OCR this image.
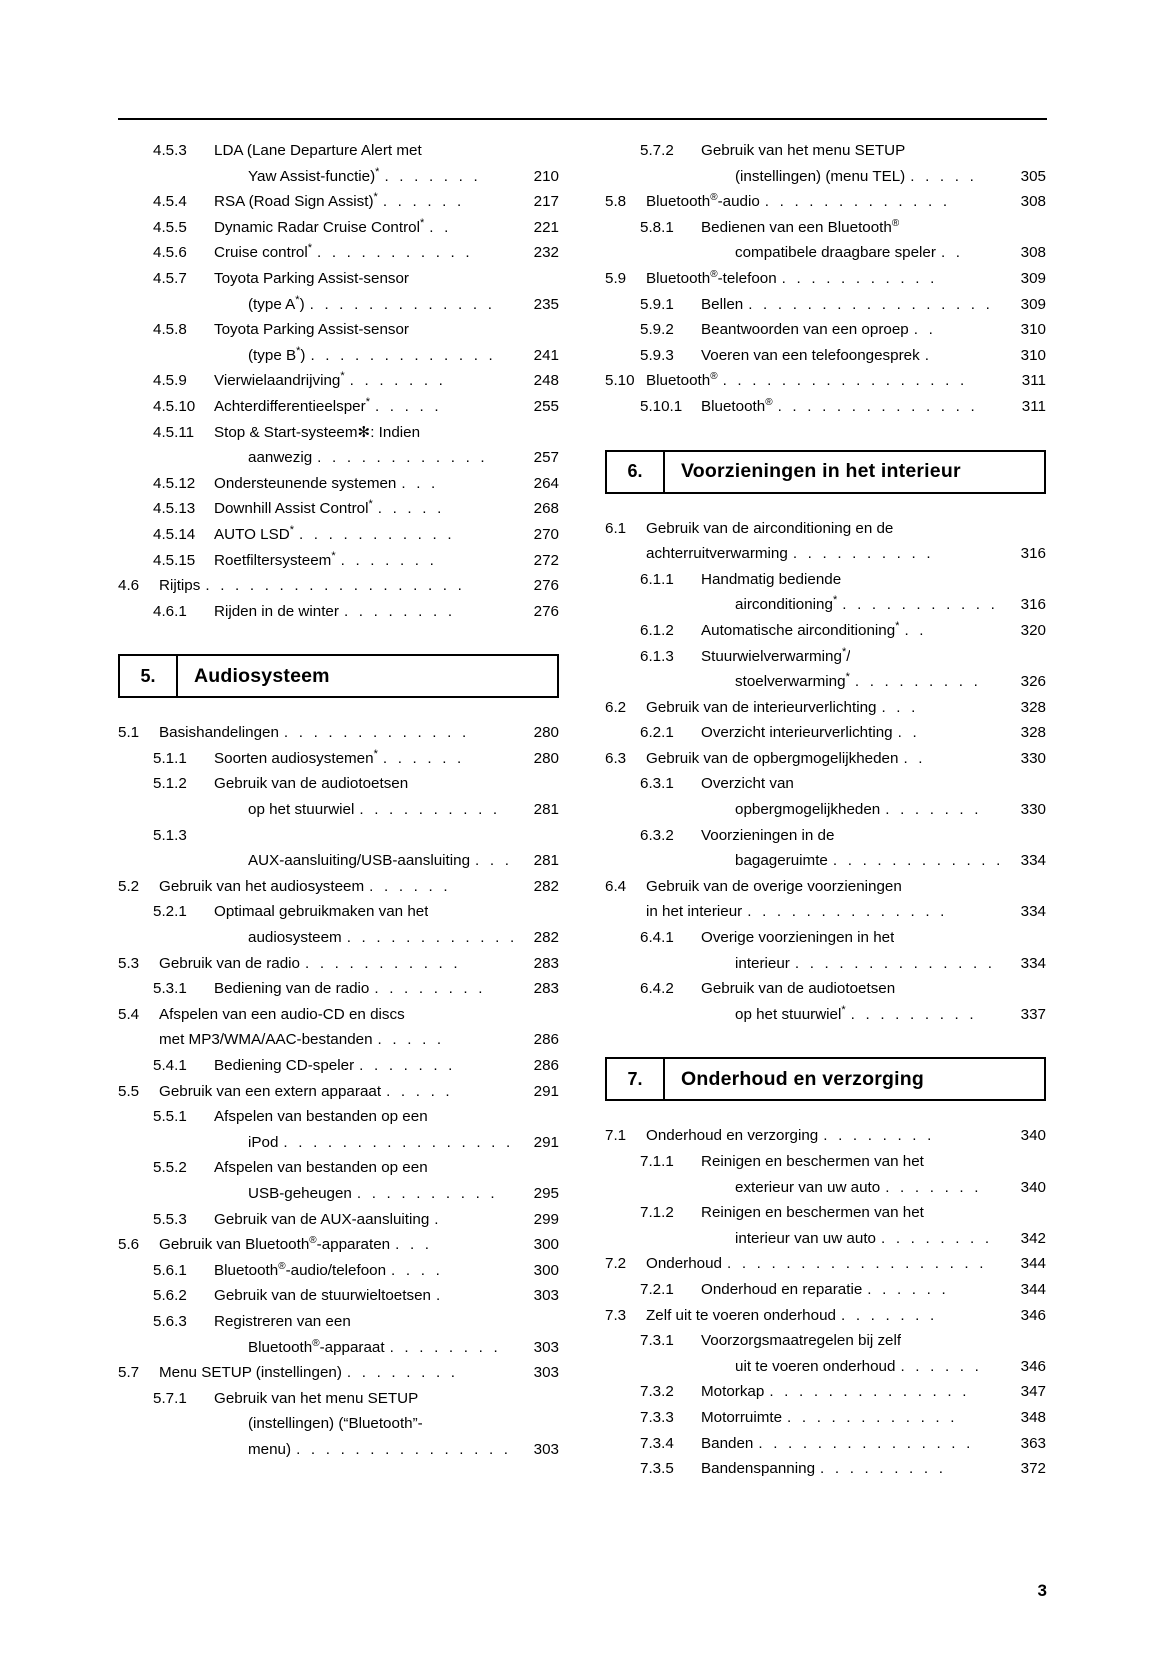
4.5.3	LDA (Lane Departure Alert met
Yaw Assist-functie)* . . . . . . .	210
4.5.4	RSA (Road Sign Assist)* . . . . . .	217
4.5.5	Dynamic Radar Cruise Control* . .	221
4.5.6	Cruise control* . . . . . . . . . . .	232
4.5.7	Toyota Parking Assist-sensor
(type A*) . . . . . . . . . . . . .	235
4.5.8	Toyota Parking Assist-sensor
(type B*) . . . . . . . . . . . . .	241
4.5.9	Vierwielaandrijving* . . . . . . .	248
4.5.10	Achterdifferentieelsper* . . . . .	255
4.5.11	Stop & Start-systeem✻: Indien
aanwezig . . . . . . . . . . . .	257
4.5.12	Ondersteunende systemen . . .	264
4.5.13	Downhill Assist Control* . . . . .	268
4.5.14	AUTO LSD* . . . . . . . . . . .	270
4.5.15	Roetfiltersysteem* . . . . . . .	272
4.6	Rijtips . . . . . . . . . . . . . . . . . .	276
4.6.1	Rijden in de winter . . . . . . . .	276
5.	Audiosysteem
5.1	Basishandelingen . . . . . . . . . . . . .	280
5.1.1	Soorten audiosystemen* . . . . . .	280
5.1.2	Gebruik van de audiotoetsen
op het stuurwiel . . . . . . . . . .	281
5.1.3
AUX-aansluiting/USB-aansluiting . . .	281
5.2	Gebruik van het audiosysteem . . . . . .	282
5.2.1	Optimaal gebruikmaken van het
audiosysteem . . . . . . . . . . . .	282
5.3	Gebruik van de radio . . . . . . . . . . .	283
5.3.1	Bediening van de radio . . . . . . . .	283
5.4	Afspelen van een audio-CD en discs
met MP3/WMA/AAC-bestanden . . . . .	286
5.4.1	Bediening CD-speler . . . . . . .	286
5.5	Gebruik van een extern apparaat . . . . .	291
5.5.1	Afspelen van bestanden op een
iPod . . . . . . . . . . . . . . . .	291
5.5.2	Afspelen van bestanden op een
USB-geheugen . . . . . . . . . .	295
5.5.3	Gebruik van de AUX-aansluiting .	299
5.6	Gebruik van Bluetooth®-apparaten . . .	300
5.6.1	Bluetooth®-audio/telefoon . . . .	300
5.6.2	Gebruik van de stuurwieltoetsen .	303
5.6.3	Registreren van een
Bluetooth®-apparaat . . . . . . . .	303
5.7	Menu SETUP (instellingen) . . . . . . . .	303
5.7.1	Gebruik van het menu SETUP
(instellingen) (“Bluetooth”-
menu) . . . . . . . . . . . . . . .	303
5.7.2	Gebruik van het menu SETUP
(instellingen) (menu TEL) . . . . .	305
5.8	Bluetooth®-audio . . . . . . . . . . . . .	308
5.8.1	Bedienen van een Bluetooth®
compatibele draagbare speler . .	308
5.9	Bluetooth®-telefoon . . . . . . . . . . .	309
5.9.1	Bellen . . . . . . . . . . . . . . . . .	309
5.9.2	Beantwoorden van een oproep . .	310
5.9.3	Voeren van een telefoongesprek .	310
5.10 Bluetooth® . . . . . . . . . . . . . . . . .	311
5.10.1	Bluetooth® . . . . . . . . . . . . . .	311
6.	Voorzieningen in het interieur
6.1	Gebruik van de airconditioning en de
achterruitverwarming . . . . . . . . . .	316
6.1.1	Handmatig bediende
airconditioning* . . . . . . . . . . .	316
6.1.2	Automatische airconditioning* . .	320
6.1.3	Stuurwielverwarming*/
stoelverwarming* . . . . . . . . .	326
6.2	Gebruik van de interieurverlichting . . .	328
6.2.1	Overzicht interieurverlichting . .	328
6.3	Gebruik van de opbergmogelijkheden . .	330
6.3.1	Overzicht van
opbergmogelijkheden . . . . . . .	330
6.3.2	Voorzieningen in de
bagageruimte . . . . . . . . . . . .	334
6.4	Gebruik van de overige voorzieningen
in het interieur . . . . . . . . . . . . . .	334
6.4.1	Overige voorzieningen in het
interieur . . . . . . . . . . . . . .	334
6.4.2	Gebruik van de audiotoetsen
op het stuurwiel* . . . . . . . . .	337
7.	Onderhoud en verzorging
7.1	Onderhoud en verzorging . . . . . . . .	340
7.1.1	Reinigen en beschermen van het
exterieur van uw auto . . . . . . .	340
7.1.2	Reinigen en beschermen van het
interieur van uw auto . . . . . . . .	342
7.2	Onderhoud . . . . . . . . . . . . . . . . . .	344
7.2.1	Onderhoud en reparatie . . . . . .	344
7.3	Zelf uit te voeren onderhoud . . . . . . .	346
7.3.1	Voorzorgsmaatregelen bij zelf
uit te voeren onderhoud . . . . . .	346
7.3.2	Motorkap . . . . . . . . . . . . . .	347
7.3.3	Motorruimte . . . . . . . . . . . .	348
7.3.4	Banden . . . . . . . . . . . . . . .	363
7.3.5	Bandenspanning . . . . . . . . .	372
3
